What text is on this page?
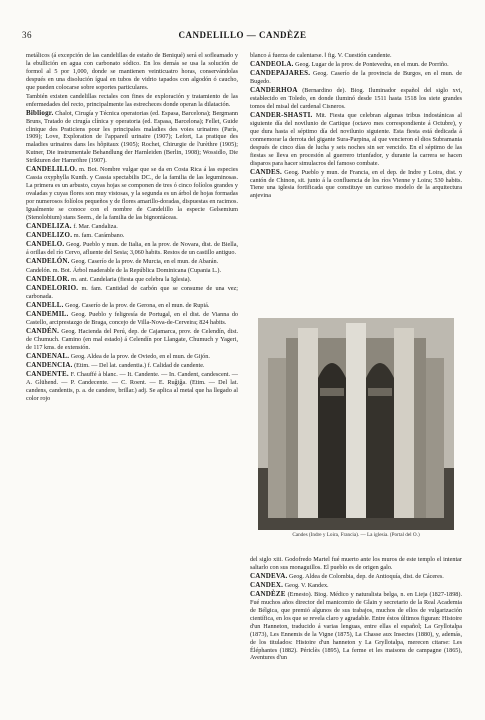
36	CANDELILLO — CANDÈZE
metálicos (á excepción de las candelillas de estaño de Beniqué) será el sofleamado y la ebullición en agua con carbonato sódico. En los demás se usa la solución de formol al 5 por 1,000, donde se mantienen veinticuatro horas, conservándolas después en una disolución ígual en tubos de vidrio tapados con algodón ó caucho, que pueden colocarse sobre soportes particulares.
También existen candelillas rectales con fines de exploración y tratamiento de las enfermedades del recto, principalmente las estrecheces donde operan la dilatación.
Bibliogr. Chalot, Cirugía y Técnica operatorias (ed. Espasa, Barcelona); Bergmann Bruns, Tratado de cirugía clínica y operatoria (ed. Espasa, Barcelona); Fellet, Guide clinique des Praticiens pour les principales maladies des voies urinaires (París, 1909); Love, Exploration de l'appareil urinaire (1907); Lefort, La pratique des maladies urinaires dans les hôpitaux (1905); Rochet, Chirurgie de l'urèthre (1905); Kutner, Die instrumentale Behandlung der Harnleiden (Berlin, 1908); Wossidlo, Die Strikturen der Harnröhre (1907).
CANDELILLO. m. Bot. Nombre vulgar que se da en Costa Rica á las especies Cassia oxyphylla Kunth. y Cassia spectabilis DC., de la familia de las leguminosas. La primera es un arbusto, cuyas hojas se componen de tres ó cinco folíolos grandes y ovaladas y cuyas flores son muy vistosas, y la segunda es un árbol de hojas formadas por numerosos folíolos pequeños y de flores amarillo-doradas, dispuestas en racimos. Igualmente se conoce con el nombre de Candelillo la especie Gelsemium (Stenolobium) stans Seem., de la familia de las bignoniáceas.
CANDELIZA. f. Mar. Candaliza.
CANDELIZO. m. fam. Carámbano.
CANDELO. Geog. Pueblo y mun. de Italia, en la prov. de Novara, dist. de Biella, á orillas del río Cervo, afluente del Sesia; 3,060 habits. Restos de un castillo antiguo.
CANDELÓN. Geog. Caserío de la prov. de Murcia, en el mun. de Abarán.
Candelón. m. Bot. Árbol maderable de la República Dominicana (Cupania L.).
CANDELOR. m. ant. Candelaria (fiesta que celebra la Iglesia).
CANDELORIO. m. fam. Cantidad de carbón que se consume de una vez; carbonada.
CANDELL. Geog. Caserío de la prov. de Gerona, en el mun. de Rupiá.
CANDEMIL. Geog. Pueblo y feligresía de Portugal, en el dist. de Vianna do Castello, arciprestazgo de Braga, concejo de Villa-Nova-de-Cerveira; 824 habits.
CANDÉN. Geog. Hacienda del Perú, dep. de Cajamarca, prov. de Celendín, dist. de Chumuch. Camino (en mal estado) á Celendín por Llangate, Chumuch y Yageri, de 117 kms. de extensión.
CANDENAL. Geog. Aldea de la prov. de Oviedo, en el mun. de Gijón.
CANDENCIA. (Etim. — Del lat. candentia.) f. Calidad de candente.
CANDENTE. F. Chauffé à blanc. — It. Candente. — In. Candent, candescent. — A. Glühend. — P. Candecente. — C. Roent. — E. Ruĝiĝa. (Etim. — Del lat. candens, candentis, p. a. de candere, brillar.) adj. Se aplica al metal que ha llegado al color rojo
blanco á fuerza de calentarse. ‖ fig. V. Cuestión candente.
CANDEOLA. Geog. Lugar de la prov. de Pontevedra, en el mun. de Porriño.
CANDEPAJARES. Geog. Caserío de la provincia de Burgos, en el mun. de Bugedo.
CANDERHOA (Bernardino de). Biog. Iluminador español del siglo xvi, establecido en Toledo, en donde iluminó desde 1511 hasta 1518 los siete grandes tomos del misal del cardenal Cisneros.
CANDER-SHASTI. Mit. Fiesta que celebran algunas tribus indostánicas al siguiente día del novilunio de Cartique (octavo mes correspondiente á Octubre), y que dura hasta el séptimo día del novilunio siguiente. Esta fiesta está dedicada á conmemorar la derrota del gigante Sura-Parpina, al que vencieron el dios Subramania después de cinco días de lucha y seis noches sin ser vencido. En el séptimo de las fiestas se lleva en procesión al guerrero triunfador, y durante la carrera se hacen disparos para hacer simulacros del famoso combate.
CANDES. Geog. Pueblo y mun. de Francia, en el dep. de Indre y Loira, dist. y cantón de Chinon, sit. junto á la confluencia de los ríos Vienne y Loira; 530 habits. Tiene una iglesia fortificada que constituye un curioso modelo de la arquitectura anjevina
Candes (Indre y Loira, Francia). — La iglesia. (Portal del O.)
del siglo xiii. Godofredo Martel fué muerto ante los muros de este templo el intentar saltarlo con sus monaguillos. El pueblo es de origen galo.
CANDEVA. Geog. Aldea de Colombia, dep. de Antioquía, dist. de Cáceres.
CANDEX. Geog. V. Kandex.
CANDÈZE (Ernesto). Biog. Médico y naturalista belga, n. en Lieja (1827-1898). Fué muchos años director del manicomio de Glain y secretario de la Real Academia de Bélgica, que premió algunos de sus trabajos, muchos de ellos de vulgarización científica, en los que se revela claro y agradable. Entre éstos últimos figuran: Histoire d'un Hanneton, traducido á varias lenguas, entre ellas el español; La Gryllotalpa (1873), Les Ennemis de la Vigne (1875), La Chasse aux Insectes (1880), y, además, de los titulados: Histoire d'un hanneton y La Gryllotalpa, merecen citarse: Les Éléphantes (1882). Périclès (1895), La ferme et les maisons de campagne (1865), Aventures d'un
